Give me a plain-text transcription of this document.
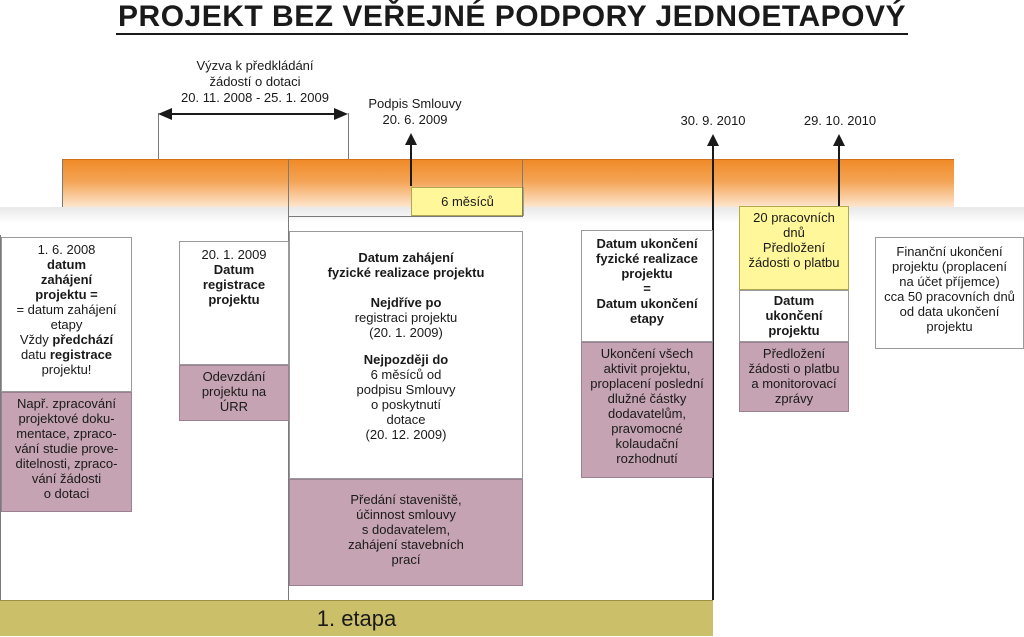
PROJEKT BEZ VEŘEJNÉ PODPORY JEDNOETAPOVÝ
Výzva k předkládání
žádostí o dotaci
20. 11. 2008 - 25. 1. 2009	Podpis Smlouvy
20. 6. 2009
6 měsíců
30. 9. 2010	29. 10. 2010
20 pracovních
dnů
Předložení
žádosti o platbu
1. 6. 2008
datum
zahájení
projektu =
= datum zahájení
etapy
Vždy předchází
datu registrace
projektu!
Např. zpracování
projektové doku-
mentace, zpraco-
vání studie prove-
ditelnosti, zpraco-
vání žádosti
o dotaci
20. 1. 2009
Datum
registrace
projektu
Odevzdání
projektu na
ÚRR
Datum zahájení
fyzické realizace projektu
Nejdříve po
registraci projektu
(20. 1. 2009)
Nejpozději do
6 měsíců od
podpisu Smlouvy
o poskytnutí
dotace
(20. 12. 2009)
Předání staveniště,
účinnost smlouvy
s dodavatelem,
zahájení stavebních
prací
Datum ukončení
fyzické realizace
projektu
=
Datum ukončení
etapy
Ukončení všech
aktivit projektu,
proplacení poslední
dlužné částky
dodavatelům,
pravomocné
kolaudační
rozhodnutí
Datum
ukončení
projektu
Předložení
žádosti o platbu
a monitorovací
zprávy
Finanční ukončení
projektu (proplacení
na účet příjemce)
cca 50 pracovních dnů
od data ukončení
projektu
1. etapa
